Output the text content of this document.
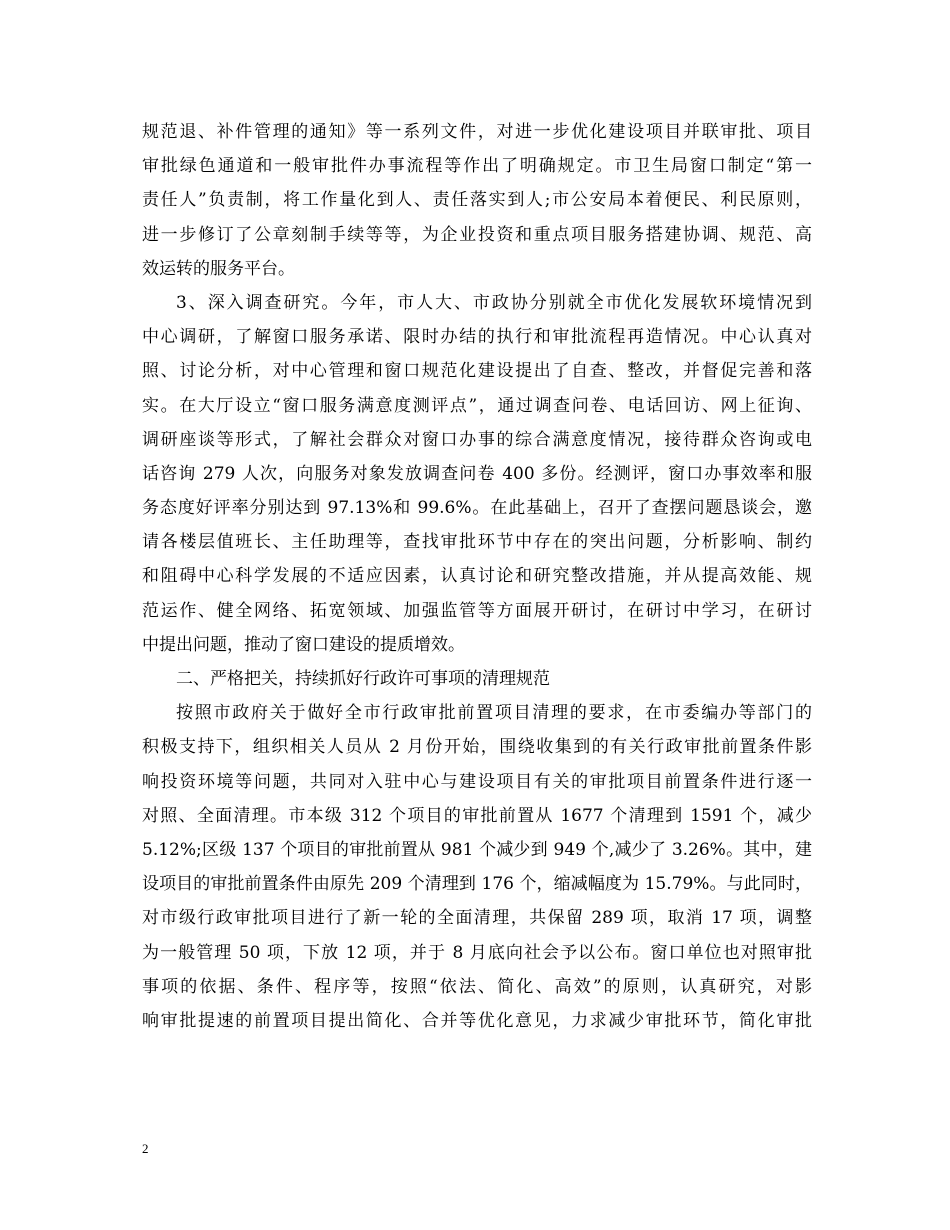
规范退、补件管理的通知》等一系列文件，对进一步优化建设项目并联审批、项目
审批绿色通道和一般审批件办事流程等作出了明确规定。市卫生局窗口制定“第一
责任人”负责制，将工作量化到人、责任落实到人;市公安局本着便民、利民原则，
进一步修订了公章刻制手续等等，为企业投资和重点项目服务搭建协调、规范、高
效运转的服务平台。
3、深入调查研究。今年，市人大、市政协分别就全市优化发展软环境情况到
中心调研，了解窗口服务承诺、限时办结的执行和审批流程再造情况。中心认真对
照、讨论分析，对中心管理和窗口规范化建设提出了自查、整改，并督促完善和落
实。在大厅设立“窗口服务满意度测评点”，通过调查问卷、电话回访、网上征询、
调研座谈等形式，了解社会群众对窗口办事的综合满意度情况，接待群众咨询或电
话咨询 279 人次，向服务对象发放调查问卷 400 多份。经测评，窗口办事效率和服
务态度好评率分别达到 97.13%和 99.6%。在此基础上，召开了查摆问题恳谈会，邀
请各楼层值班长、主任助理等，查找审批环节中存在的突出问题，分析影响、制约
和阻碍中心科学发展的不适应因素，认真讨论和研究整改措施，并从提高效能、规
范运作、健全网络、拓宽领域、加强监管等方面展开研讨，在研讨中学习，在研讨
中提出问题，推动了窗口建设的提质增效。
二、严格把关，持续抓好行政许可事项的清理规范
按照市政府关于做好全市行政审批前置项目清理的要求，在市委编办等部门的
积极支持下，组织相关人员从 2 月份开始，围绕收集到的有关行政审批前置条件影
响投资环境等问题，共同对入驻中心与建设项目有关的审批项目前置条件进行逐一
对照、全面清理。市本级 312 个项目的审批前置从 1677 个清理到 1591 个，减少
5.12%;区级 137 个项目的审批前置从 981 个减少到 949 个,减少了 3.26%。其中，建
设项目的审批前置条件由原先 209 个清理到 176 个，缩减幅度为 15.79%。与此同时，
对市级行政审批项目进行了新一轮的全面清理，共保留 289 项，取消 17 项，调整
为一般管理 50 项，下放 12 项，并于 8 月底向社会予以公布。窗口单位也对照审批
事项的依据、条件、程序等，按照“依法、简化、高效”的原则，认真研究，对影
响审批提速的前置项目提出简化、合并等优化意见，力求减少审批环节，简化审批
2
